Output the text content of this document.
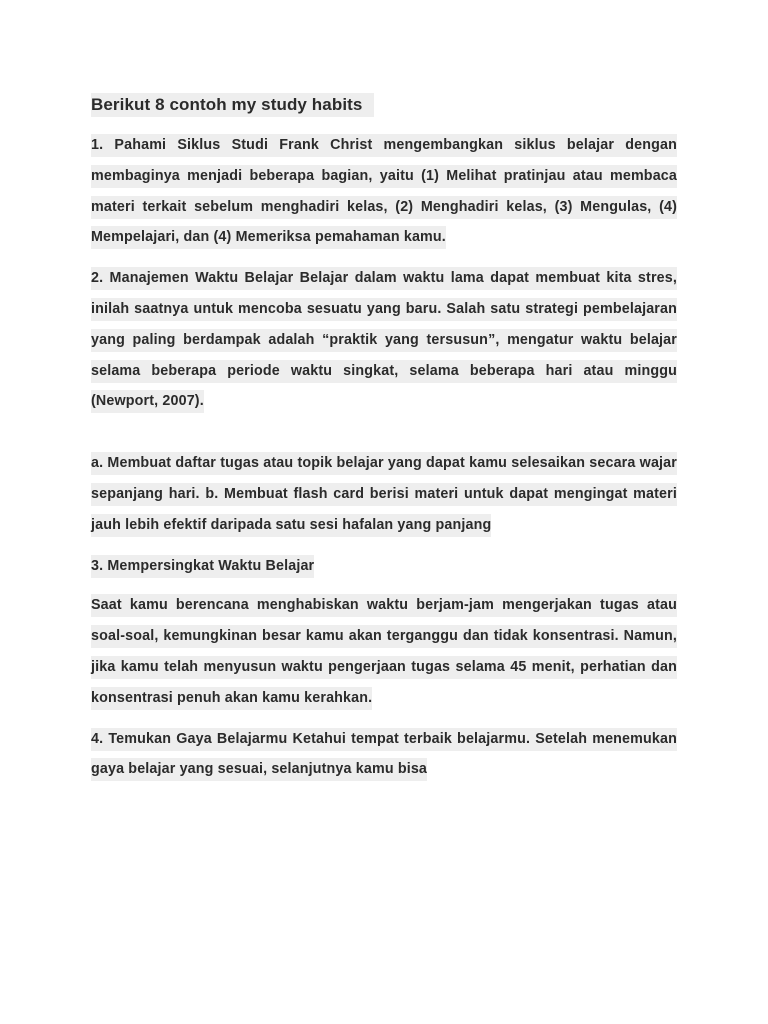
Berikut 8 contoh my study habits
1. Pahami Siklus Studi Frank Christ mengembangkan siklus belajar dengan membaginya menjadi beberapa bagian, yaitu (1) Melihat pratinjau atau membaca materi terkait sebelum menghadiri kelas, (2) Menghadiri kelas, (3) Mengulas, (4) Mempelajari, dan (4) Memeriksa pemahaman kamu.
2. Manajemen Waktu Belajar Belajar dalam waktu lama dapat membuat kita stres, inilah saatnya untuk mencoba sesuatu yang baru. Salah satu strategi pembelajaran yang paling berdampak adalah “praktik yang tersusun”, mengatur waktu belajar selama beberapa periode waktu singkat, selama beberapa hari atau minggu (Newport, 2007).
a. Membuat daftar tugas atau topik belajar yang dapat kamu selesaikan secara wajar sepanjang hari. b. Membuat flash card berisi materi untuk dapat mengingat materi jauh lebih efektif daripada satu sesi hafalan yang panjang
3. Mempersingkat Waktu Belajar
Saat kamu berencana menghabiskan waktu berjam-jam mengerjakan tugas atau soal-soal, kemungkinan besar kamu akan terganggu dan tidak konsentrasi. Namun, jika kamu telah menyusun waktu pengerjaan tugas selama 45 menit, perhatian dan konsentrasi penuh akan kamu kerahkan.
4. Temukan Gaya Belajarmu Ketahui tempat terbaik belajarmu. Setelah menemukan gaya belajar yang sesuai, selanjutnya kamu bisa
